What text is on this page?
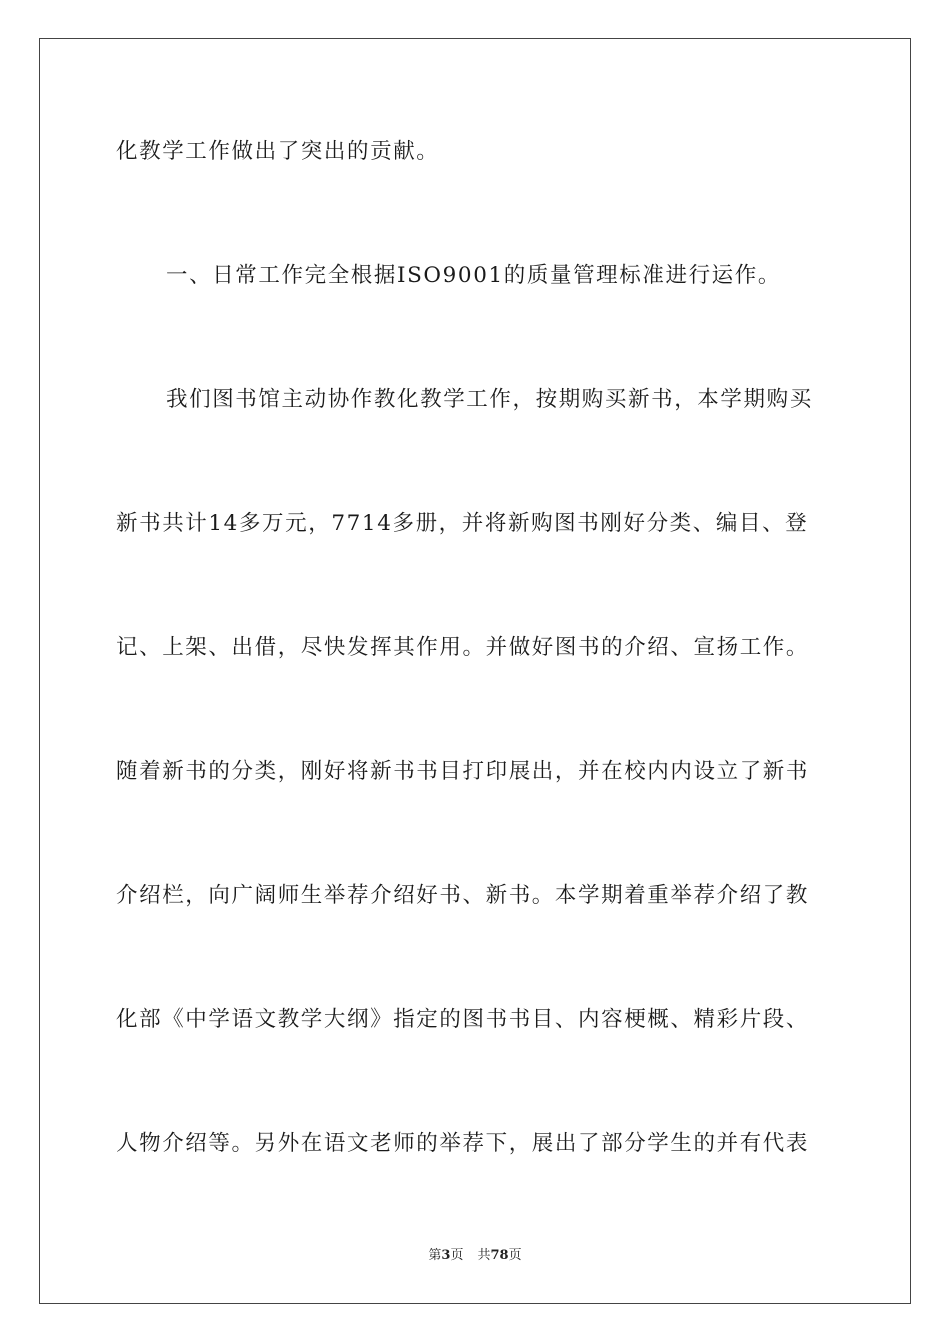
化教学工作做出了突出的贡献。
一、日常工作完全根据ISO9001的质量管理标准进行运作。
我们图书馆主动协作教化教学工作，按期购买新书，本学期购买
新书共计14多万元，7714多册，并将新购图书刚好分类、编目、登
记、上架、出借，尽快发挥其作用。并做好图书的介绍、宣扬工作。
随着新书的分类，刚好将新书书目打印展出，并在校内内设立了新书
介绍栏，向广阔师生举荐介绍好书、新书。本学期着重举荐介绍了教
化部《中学语文教学大纲》指定的图书书目、内容梗概、精彩片段、
人物介绍等。另外在语文老师的举荐下，展出了部分学生的并有代表
第3页 共78页
